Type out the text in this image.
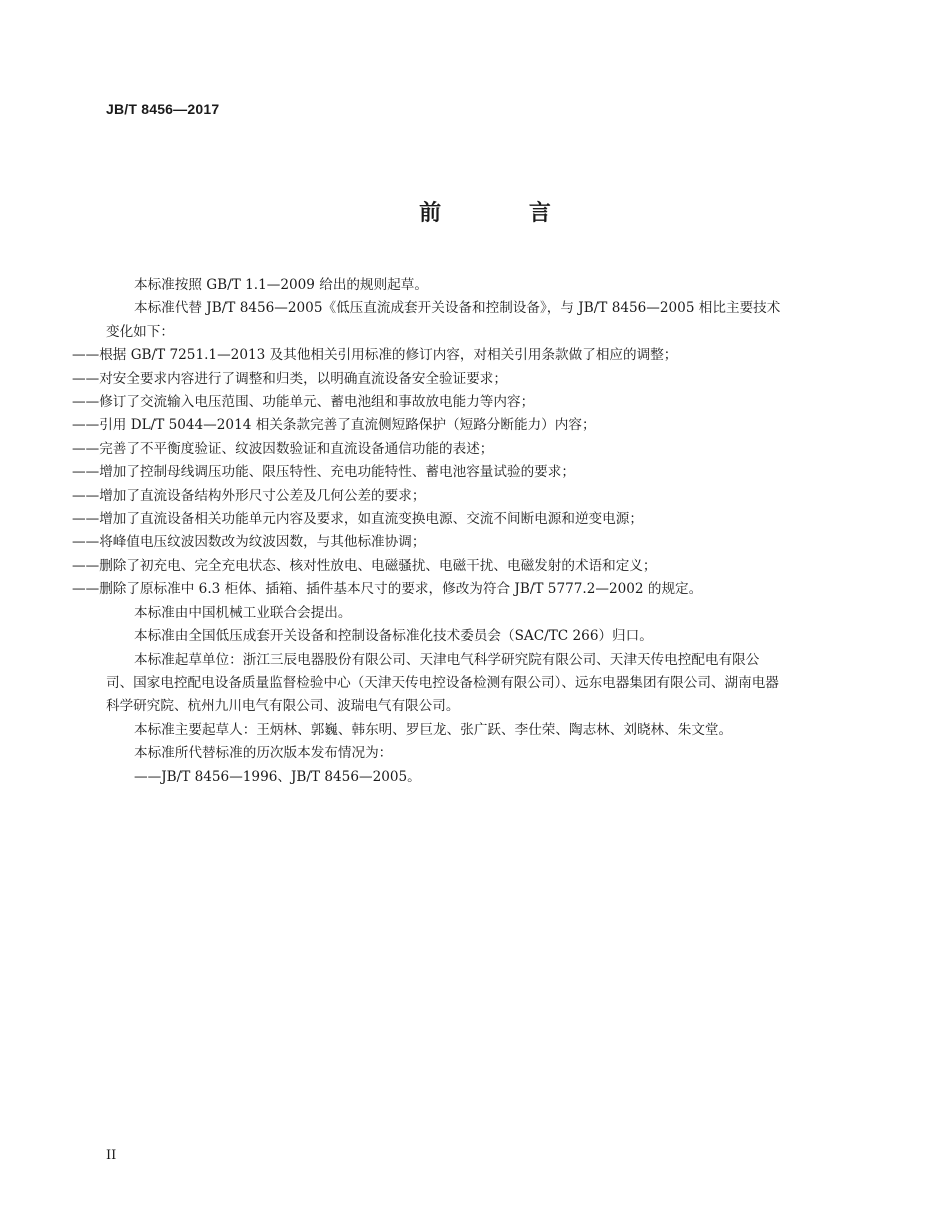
JB/T 8456—2017
前 言

本标准按照 GB/T 1.1—2009 给出的规则起草。

本标准代替 JB/T 8456—2005《低压直流成套开关设备和控制设备》，与 JB/T 8456—2005 相比主要技术变化如下：

——根据 GB/T 7251.1—2013 及其他相关引用标准的修订内容，对相关引用条款做了相应的调整；

——对安全要求内容进行了调整和归类，以明确直流设备安全验证要求；

——修订了交流输入电压范围、功能单元、蓄电池组和事故放电能力等内容；

——引用 DL/T 5044—2014 相关条款完善了直流侧短路保护（短路分断能力）内容；

——完善了不平衡度验证、纹波因数验证和直流设备通信功能的表述；

——增加了控制母线调压功能、限压特性、充电功能特性、蓄电池容量试验的要求；

——增加了直流设备结构外形尺寸公差及几何公差的要求；

——增加了直流设备相关功能单元内容及要求，如直流变换电源、交流不间断电源和逆变电源；

——将峰值电压纹波因数改为纹波因数，与其他标准协调；

——删除了初充电、完全充电状态、核对性放电、电磁骚扰、电磁干扰、电磁发射的术语和定义；

——删除了原标准中 6.3 柜体、插箱、插件基本尺寸的要求，修改为符合 JB/T 5777.2—2002 的规定。

本标准由中国机械工业联合会提出。

本标准由全国低压成套开关设备和控制设备标准化技术委员会（SAC/TC 266）归口。

本标准起草单位：浙江三辰电器股份有限公司、天津电气科学研究院有限公司、天津天传电控配电有限公司、国家电控配电设备质量监督检验中心（天津天传电控设备检测有限公司）、远东电器集团有限公司、湖南电器科学研究院、杭州九川电气有限公司、波瑞电气有限公司。

本标准主要起草人：王炳林、郭巍、韩东明、罗巨龙、张广跃、李仕荣、陶志林、刘晓林、朱文堂。

本标准所代替标准的历次版本发布情况为：

——JB/T 8456—1996、JB/T 8456—2005。

II
